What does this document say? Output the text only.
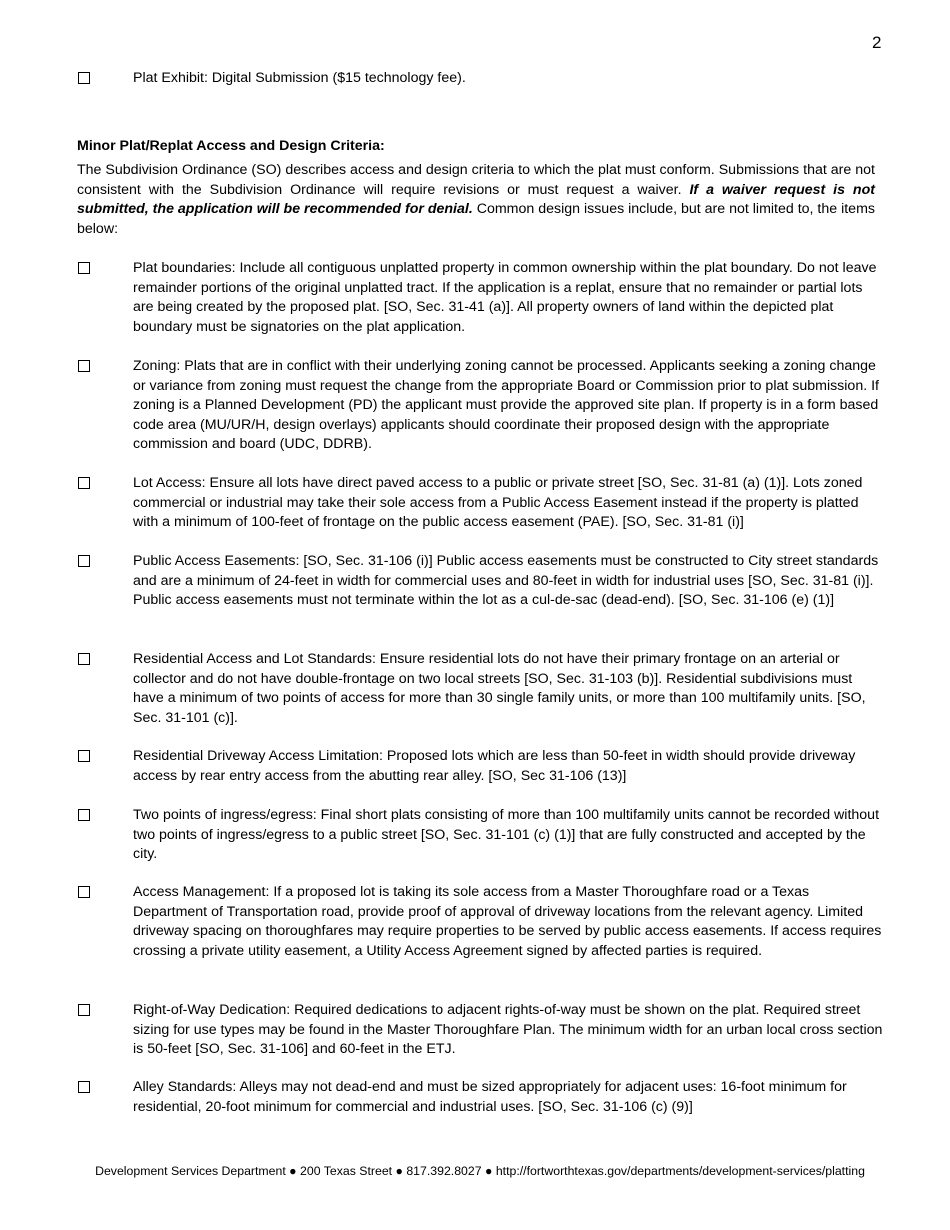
2
Plat Exhibit: Digital Submission ($15 technology fee).
Minor Plat/Replat Access and Design Criteria:
The Subdivision Ordinance (SO) describes access and design criteria to which the plat must conform. Submissions that are not consistent with the Subdivision Ordinance will require revisions or must request a waiver. If a waiver request is not submitted, the application will be recommended for denial. Common design issues include, but are not limited to, the items below:
Plat boundaries: Include all contiguous unplatted property in common ownership within the plat boundary. Do not leave remainder portions of the original unplatted tract. If the application is a replat, ensure that no remainder or partial lots are being created by the proposed plat. [SO, Sec. 31-41 (a)]. All property owners of land within the depicted plat boundary must be signatories on the plat application.
Zoning: Plats that are in conflict with their underlying zoning cannot be processed. Applicants seeking a zoning change or variance from zoning must request the change from the appropriate Board or Commission prior to plat submission. If zoning is a Planned Development (PD) the applicant must provide the approved site plan. If property is in a form based code area (MU/UR/H, design overlays) applicants should coordinate their proposed design with the appropriate commission and board (UDC, DDRB).
Lot Access: Ensure all lots have direct paved access to a public or private street [SO, Sec. 31-81 (a) (1)]. Lots zoned commercial or industrial may take their sole access from a Public Access Easement instead if the property is platted with a minimum of 100-feet of frontage on the public access easement (PAE). [SO, Sec. 31-81 (i)]
Public Access Easements: [SO, Sec. 31-106 (i)] Public access easements must be constructed to City street standards and are a minimum of 24-feet in width for commercial uses and 80-feet in width for industrial uses [SO, Sec. 31-81 (i)]. Public access easements must not terminate within the lot as a cul-de-sac (dead-end). [SO, Sec. 31-106 (e) (1)]
Residential Access and Lot Standards: Ensure residential lots do not have their primary frontage on an arterial or collector and do not have double-frontage on two local streets [SO, Sec. 31-103 (b)]. Residential subdivisions must have a minimum of two points of access for more than 30 single family units, or more than 100 multifamily units. [SO, Sec. 31-101 (c)].
Residential Driveway Access Limitation: Proposed lots which are less than 50-feet in width should provide driveway access by rear entry access from the abutting rear alley. [SO, Sec 31-106 (13)]
Two points of ingress/egress: Final short plats consisting of more than 100 multifamily units cannot be recorded without two points of ingress/egress to a public street [SO, Sec. 31-101 (c) (1)] that are fully constructed and accepted by the city.
Access Management: If a proposed lot is taking its sole access from a Master Thoroughfare road or a Texas Department of Transportation road, provide proof of approval of driveway locations from the relevant agency. Limited driveway spacing on thoroughfares may require properties to be served by public access easements. If access requires crossing a private utility easement, a Utility Access Agreement signed by affected parties is required.
Right-of-Way Dedication: Required dedications to adjacent rights-of-way must be shown on the plat. Required street sizing for use types may be found in the Master Thoroughfare Plan. The minimum width for an urban local cross section is 50-feet [SO, Sec. 31-106] and 60-feet in the ETJ.
Alley Standards: Alleys may not dead-end and must be sized appropriately for adjacent uses: 16-foot minimum for residential, 20-foot minimum for commercial and industrial uses. [SO, Sec. 31-106 (c) (9)]
Development Services Department ● 200 Texas Street ● 817.392.8027 ● http://fortworthtexas.gov/departments/development-services/platting
